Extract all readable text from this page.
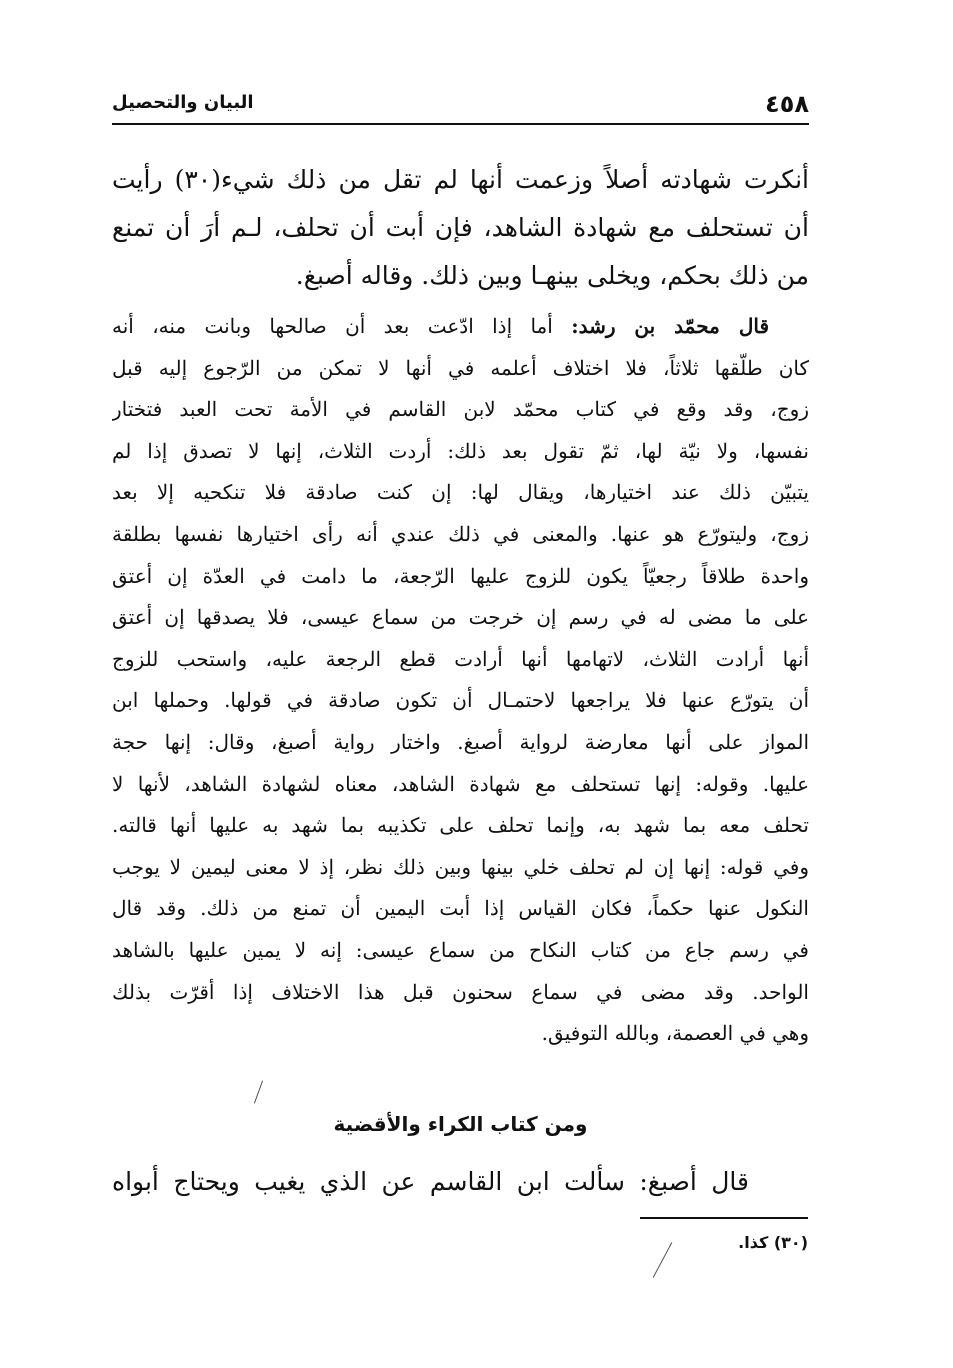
٤٥٨
البيان والتحصيل
أنكرت شهادته أصلاً وزعمت أنها لم تقل من ذلك شيء(٣٠) رأيت
أن تستحلف مع شهادة الشاهد، فإن أبت أن تحلف، لـم أرَ أن تمنع
من ذلك بحكم، ويخلى بينهـا وبين ذلك. وقاله أصبغ.
قال محمّد بن رشد: أما إذا ادّعت بعد أن صالحها وبانت منه، أنه
كان طلّقها ثلاثاً، فلا اختلاف أعلمه في أنها لا تمكن من الرّجوع إليه قبل
زوج، وقد وقع في كتاب محمّد لابن القاسم في الأمة تحت العبد فتختار
نفسها، ولا نيّة لها، ثمّ تقول بعد ذلك: أردت الثلاث، إنها لا تصدق إذا لم
يتبيّن ذلك عند اختيارها، ويقال لها: إن كنت صادقة فلا تنكحيه إلا بعد
زوج، وليتورّع هو عنها. والمعنى في ذلك عندي أنه رأى اختيارها نفسها بطلقة
واحدة طلاقاً رجعيّاً يكون للزوج عليها الرّجعة، ما دامت في العدّة إن أعتق
على ما مضى له في رسم إن خرجت من سماع عيسى، فلا يصدقها إن أعتق
أنها أرادت الثلاث، لاتهامها أنها أرادت قطع الرجعة عليه، واستحب للزوج
أن يتورّع عنها فلا يراجعها لاحتمـال أن تكون صادقة في قولها. وحملها ابن
المواز على أنها معارضة لرواية أصبغ. واختار رواية أصبغ، وقال: إنها حجة
عليها. وقوله: إنها تستحلف مع شهادة الشاهد، معناه لشهادة الشاهد، لأنها لا
تحلف معه بما شهد به، وإنما تحلف على تكذيبه بما شهد به عليها أنها قالته.
وفي قوله: إنها إن لم تحلف خلي بينها وبين ذلك نظر، إذ لا معنى ليمين لا يوجب
النكول عنها حكماً، فكان القياس إذا أبت اليمين أن تمنع من ذلك. وقد قال
في رسم جاع من كتاب النكاح من سماع عيسى: إنه لا يمين عليها بالشاهد
الواحد. وقد مضى في سماع سحنون قبل هذا الاختلاف إذا أقرّت بذلك
وهي في العصمة، وبالله التوفيق.
ومن كتاب الكراء والأقضية
قال أصبغ: سألت ابن القاسم عن الذي يغيب ويحتاج أبواه
(٣٠) كذا.
